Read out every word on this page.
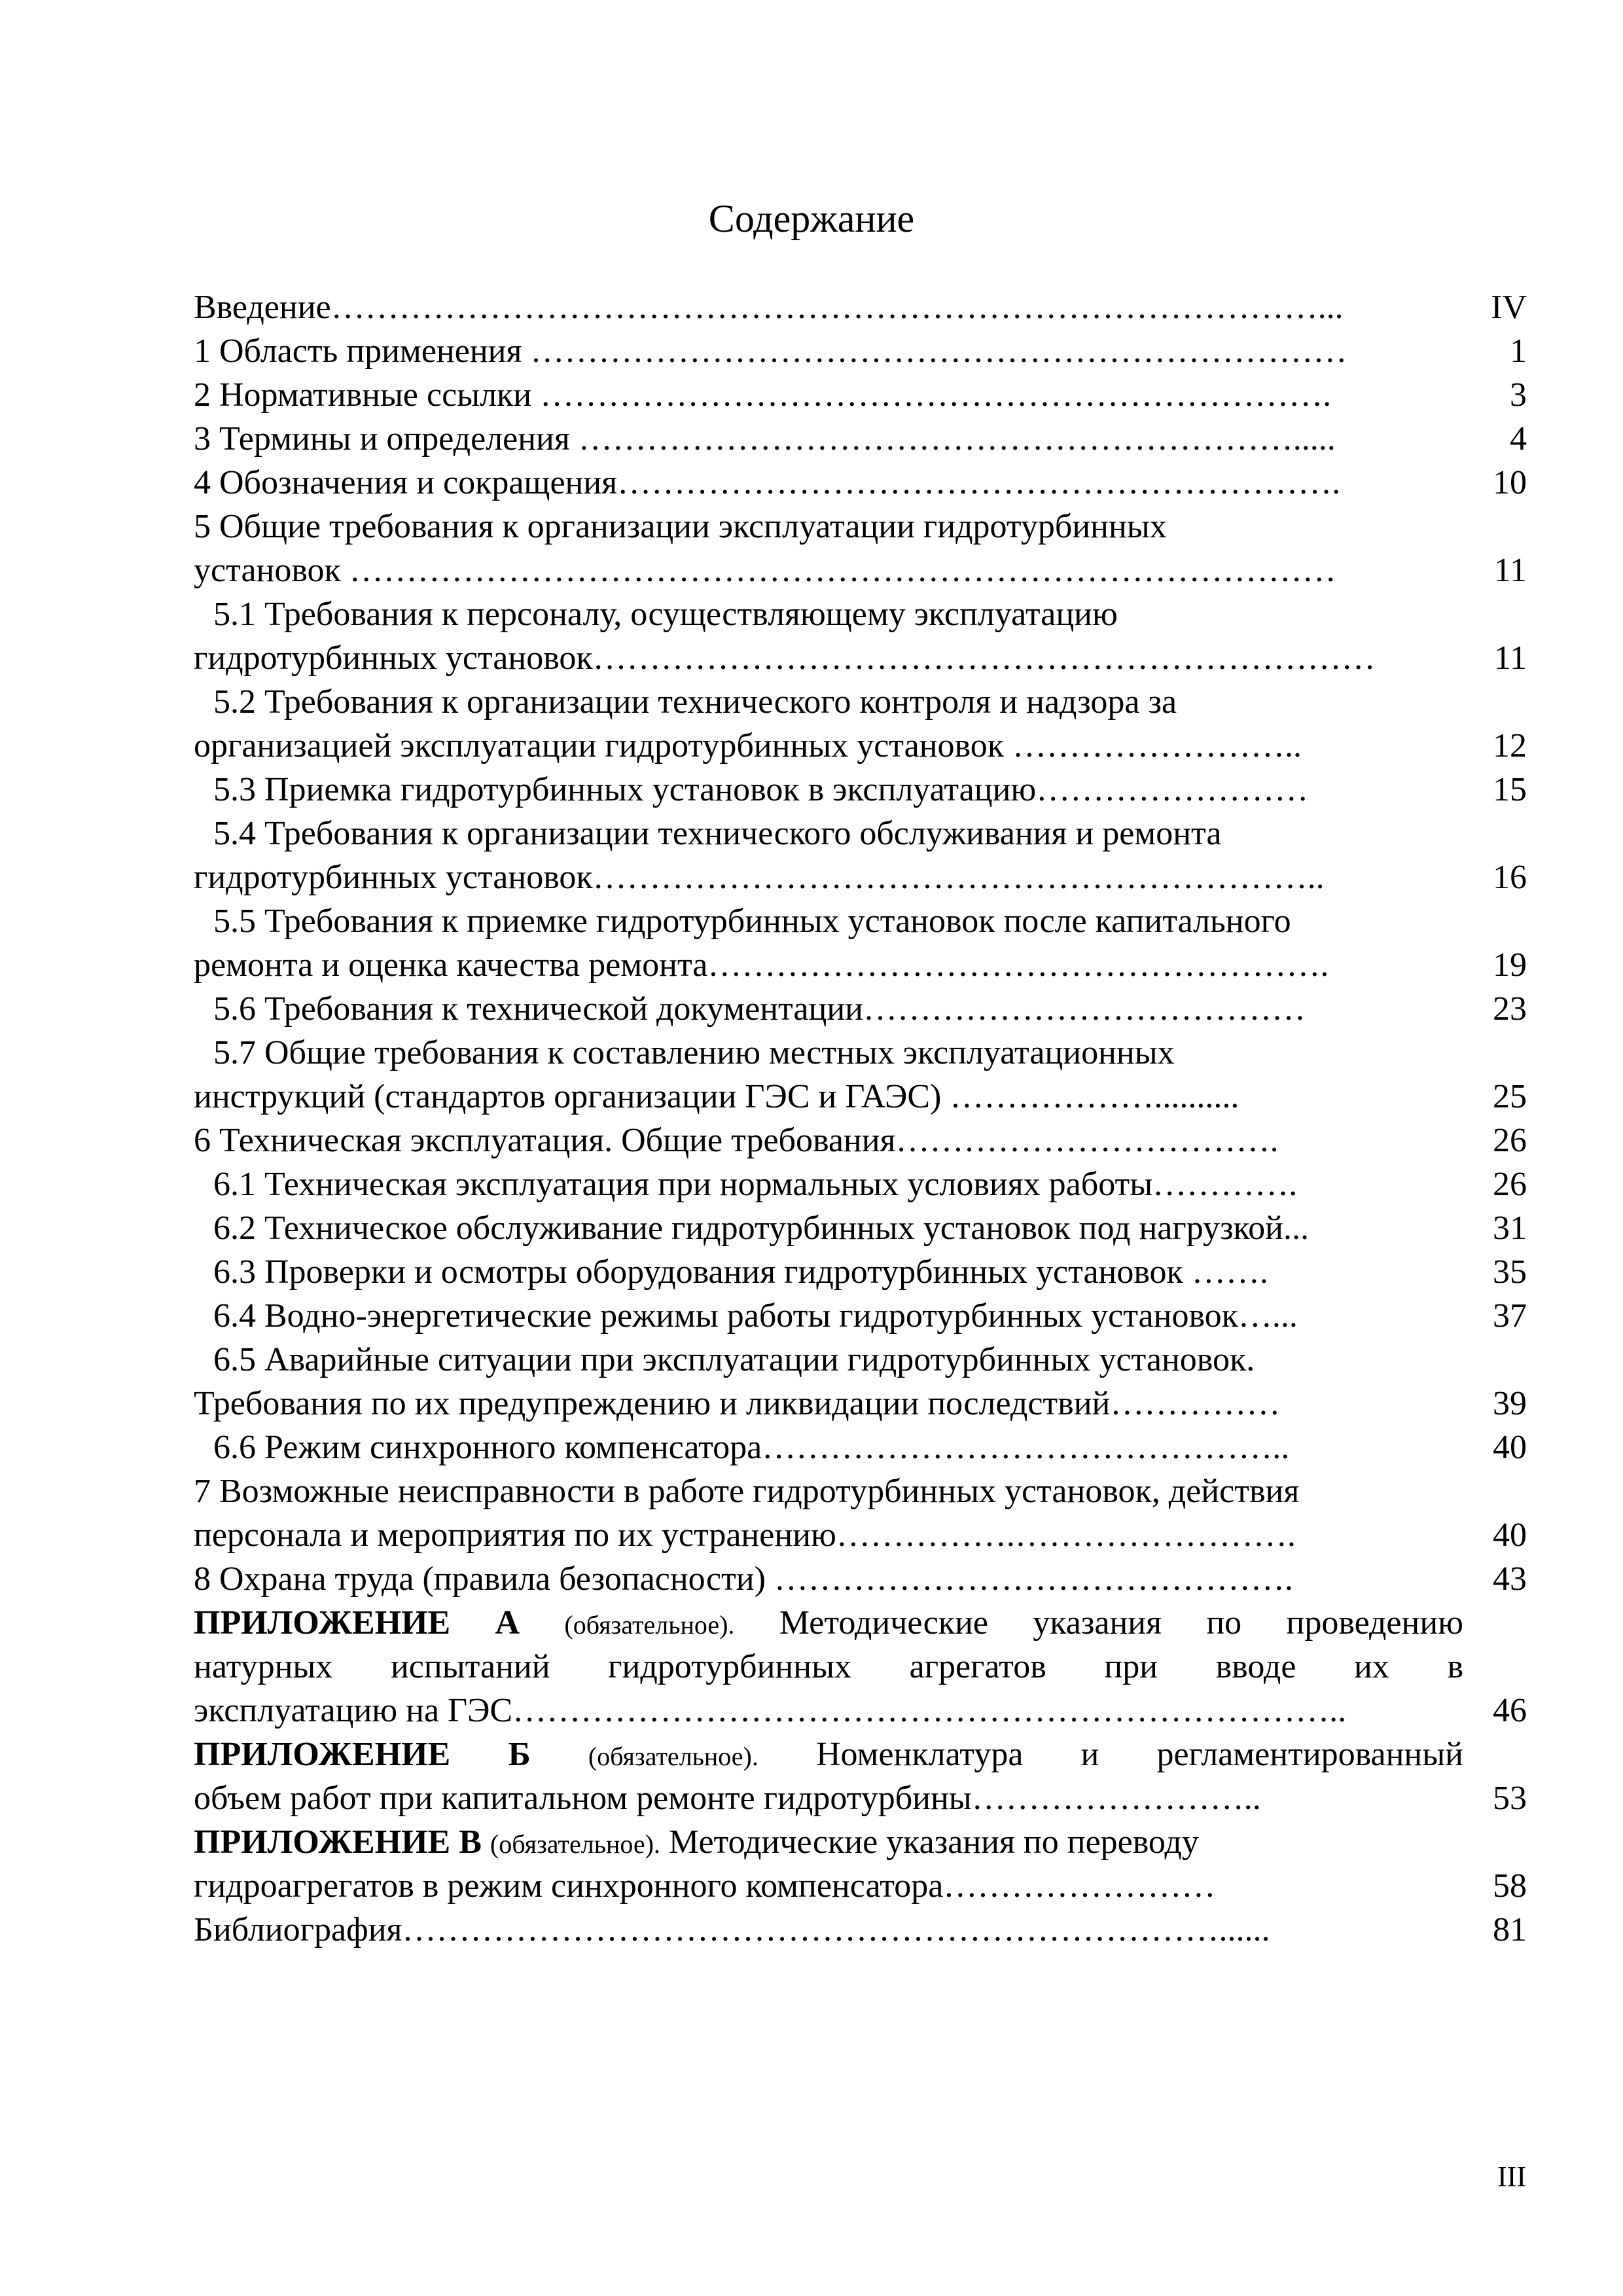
Содержание
Введение……………………………………………………………………………...	IV
1 Область применения ………………………………………………………………	1
2 Нормативные ссылки …………………………………………………………….	3
3 Термины и определения ……………………………………………………….....	4
4 Обозначения и сокращения……………………………………………………….	10
5 Общие требования к организации эксплуатации гидротурбинных
установок ……………………………………………………………………………	11
5.1 Требования к персоналу, осуществляющему эксплуатацию
гидротурбинных установок……………………………………………………………	11
5.2 Требования к организации технического контроля и надзора за
организацией эксплуатации гидротурбинных установок ……………………..	12
5.3 Приемка гидротурбинных установок в эксплуатацию……………………	15
5.4 Требования к организации технического обслуживания и ремонта
гидротурбинных установок………………………………………………………..	16
5.5 Требования к приемке гидротурбинных установок после капитального
ремонта и оценка качества ремонта……………………………………………….	19
5.6 Требования к технической документации…………………………………	23
5.7 Общие требования к составлению местных эксплуатационных
инструкций (стандартов организации ГЭС и ГАЭС) ………………..........	25
6 Техническая эксплуатация. Общие требования…………………………….	26
6.1 Техническая эксплуатация при нормальных условиях работы………….	26
6.2 Техническое обслуживание гидротурбинных установок под нагрузкой...	31
6.3 Проверки и осмотры оборудования гидротурбинных установок …….	35
6.4 Водно-энергетические режимы работы гидротурбинных установок…...	37
6.5 Аварийные ситуации при эксплуатации гидротурбинных установок.
Требования по их предупреждению и ликвидации последствий……………	39
6.6 Режим синхронного компенсатора………………………………………..	40
7 Возможные неисправности в работе гидротурбинных установок, действия
персонала и мероприятия по их устранению…………….…………………….	40
8 Охрана труда (правила безопасности) ……………………………………….	43
ПРИЛОЖЕНИЕ А (обязательное). Методические указания по проведению
натурных испытаний гидротурбинных агрегатов при вводе их в
эксплуатацию на ГЭС………………………………………………………………..	46
ПРИЛОЖЕНИЕ Б (обязательное). Номенклатура и регламентированный
объем работ при капитальном ремонте гидротурбины……………………..	53
ПРИЛОЖЕНИЕ В (обязательное). Методические указания по переводу
гидроагрегатов в режим синхронного компенсатора……………………	58
Библиография………………………………………………………………......	81
III
